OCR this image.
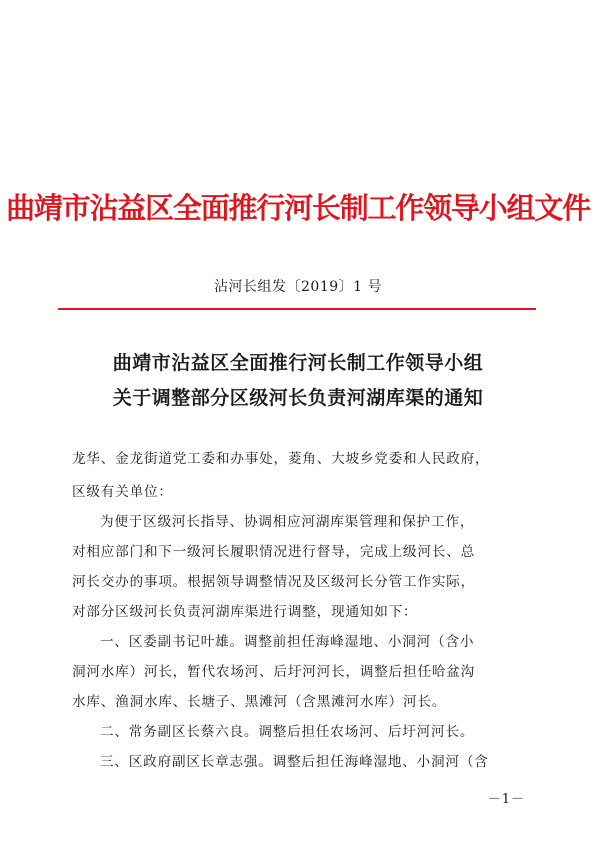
曲靖市沾益区全面推行河长制工作领导小组文件
沾河长组发〔2019〕1 号
曲靖市沾益区全面推行河长制工作领导小组
关于调整部分区级河长负责河湖库渠的通知
龙华、金龙街道党工委和办事处，菱角、大坡乡党委和人民政府，
区级有关单位：
为便于区级河长指导、协调相应河湖库渠管理和保护工作，
对相应部门和下一级河长履职情况进行督导，完成上级河长、总
河长交办的事项。根据领导调整情况及区级河长分管工作实际，
对部分区级河长负责河湖库渠进行调整，现通知如下：
一、区委副书记叶雄。调整前担任海峰湿地、小洞河（含小
洞河水库）河长，暂代农场河、后圩河河长，调整后担任哈盆沟
水库、渔洞水库、长塘子、黑滩河（含黑滩河水库）河长。
二、常务副区长蔡六良。调整后担任农场河、后圩河河长。
三、区政府副区长章志强。调整后担任海峰湿地、小洞河（含
－1－
